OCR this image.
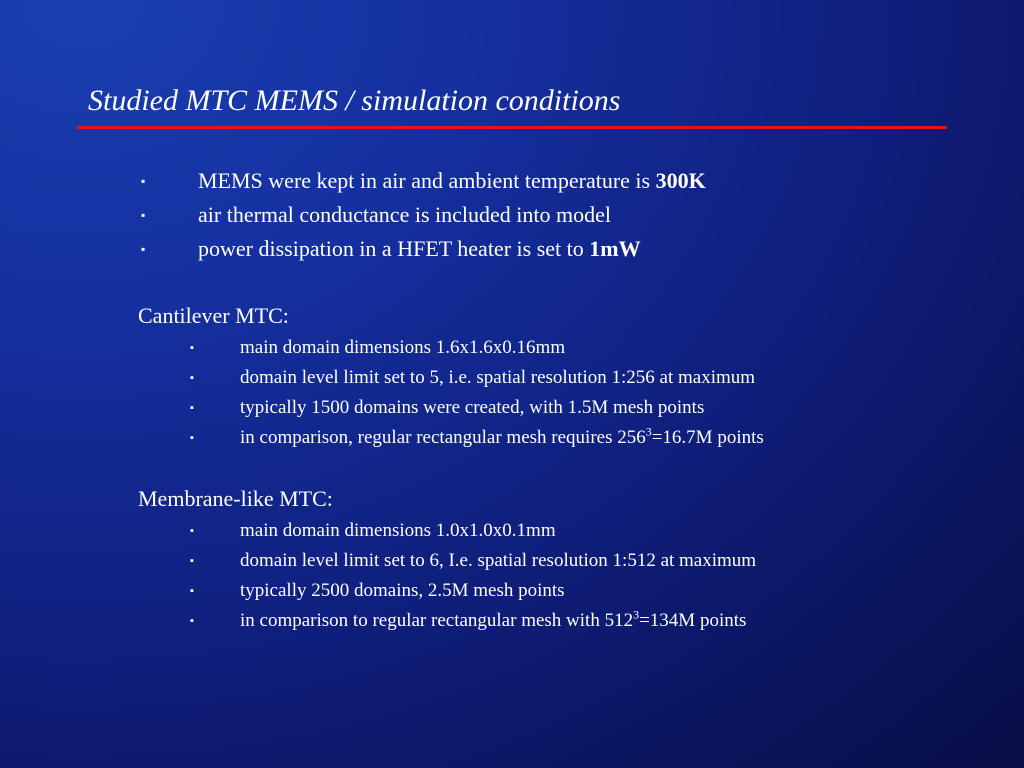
Studied MTC MEMS / simulation conditions
▪ MEMS were kept in air and ambient temperature is 300K
▪ air thermal conductance is included into model
▪ power dissipation in a HFET heater is set to 1mW
Cantilever MTC:
▪ main domain dimensions 1.6x1.6x0.16mm
▪ domain level limit set to 5, i.e. spatial resolution 1:256 at maximum
▪ typically 1500 domains were created, with 1.5M mesh points
▪ in comparison, regular rectangular mesh requires $256^3=16.7M$ points
Membrane-like MTC:
▪ main domain dimensions 1.0x1.0x0.1mm
▪ domain level limit set to 6, I.e. spatial resolution 1:512 at maximum
▪ typically 2500 domains, 2.5M mesh points
▪ in comparison to regular rectangular mesh with $512^3=134M$ points
